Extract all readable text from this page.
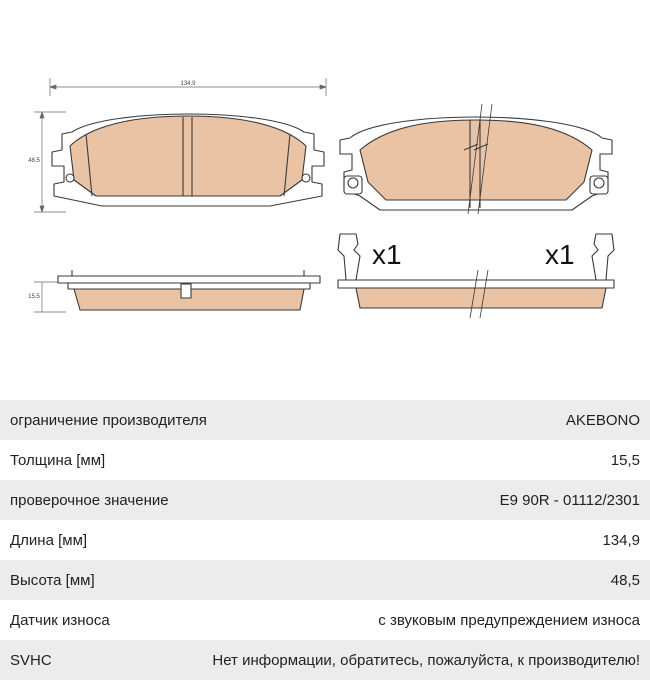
134.9
48.5
15.5
x1	x1
ограничение производителя	AKEBONO
Толщина [мм]	15,5
проверочное значение	E9 90R - 01112/2301
Длина [мм]	134,9
Высота [мм]	48,5
Датчик износа	с звуковым предупреждением износа
SVHC	Нет информации, обратитесь, пожалуйста, к производителю!
